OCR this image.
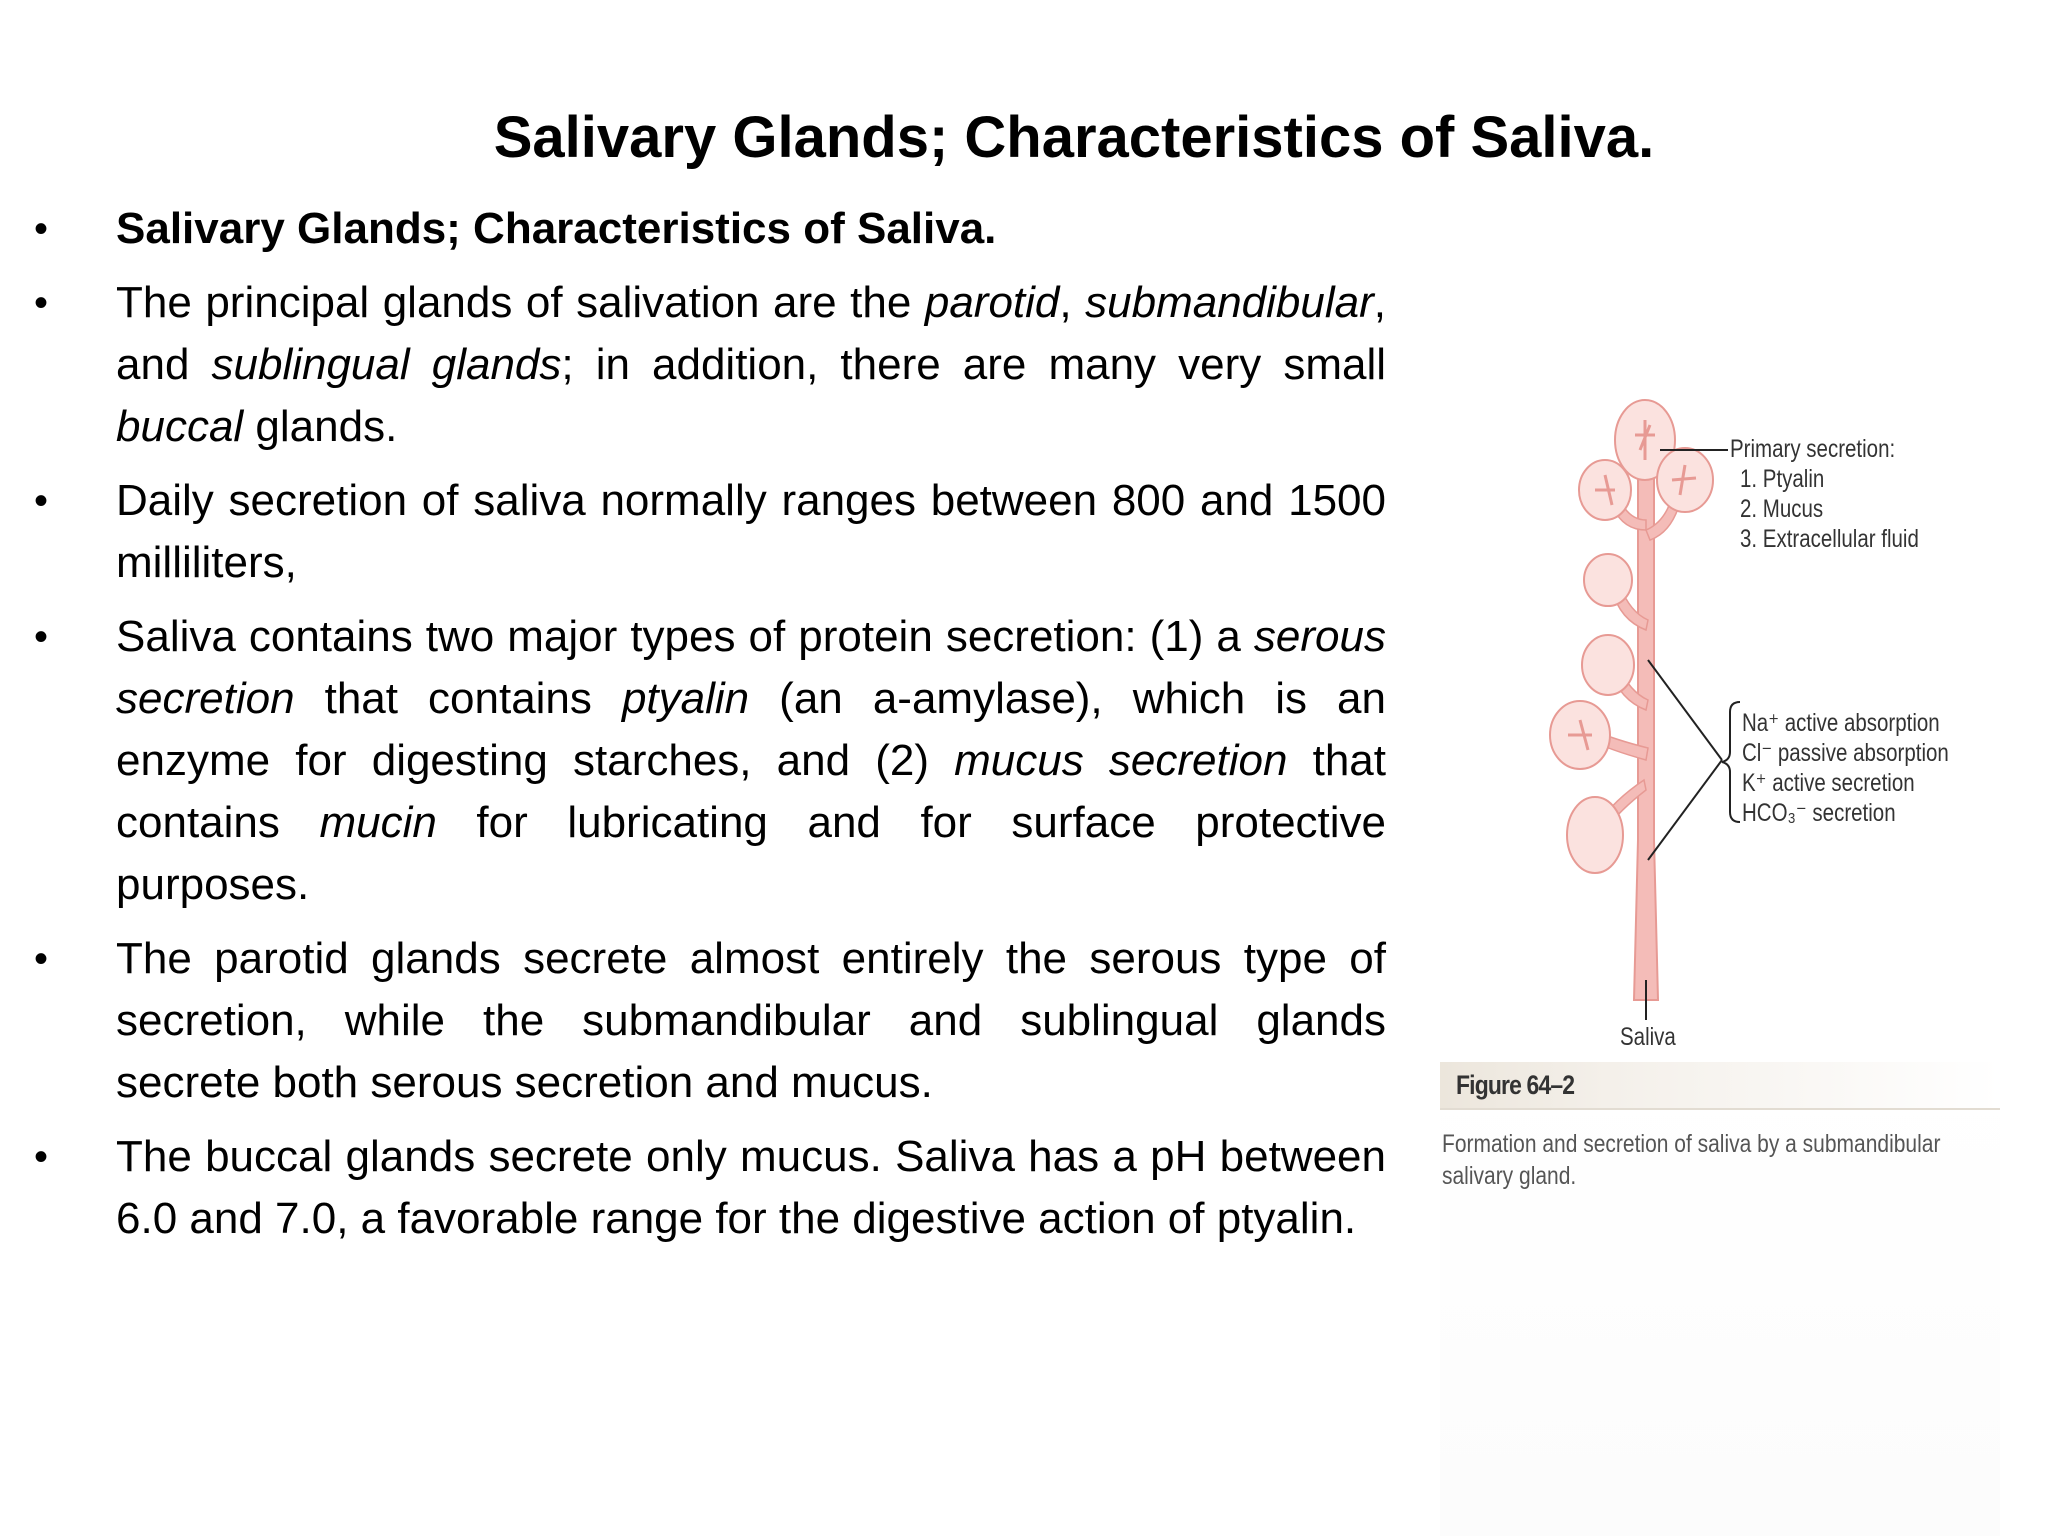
Salivary Glands; Characteristics of Saliva.
• Salivary Glands; Characteristics of Saliva.
• The principal glands of salivation are the parotid, submandibular, and sublingual glands; in addition, there are many very small buccal glands.
• Daily secretion of saliva normally ranges between 800 and 1500 milliliters,
• Saliva contains two major types of protein secretion: (1) a serous secretion that contains ptyalin (an a-amylase), which is an enzyme for digesting starches, and (2) mucus secretion that contains mucin for lubricating and for surface protective purposes.
• The parotid glands secrete almost entirely the serous type of secretion, while the submandibular and sublingual glands secrete both serous secretion and mucus.
• The buccal glands secrete only mucus. Saliva has a pH between 6.0 and 7.0, a favorable range for the digestive action of ptyalin.
Primary secretion:
1. Ptyalin
2. Mucus
3. Extracellular fluid
Na⁺ active absorption
Cl⁻ passive absorption
K⁺ active secretion
HCO₃⁻ secretion
Saliva
Figure 64–2
Formation and secretion of saliva by a submandibular salivary gland.
